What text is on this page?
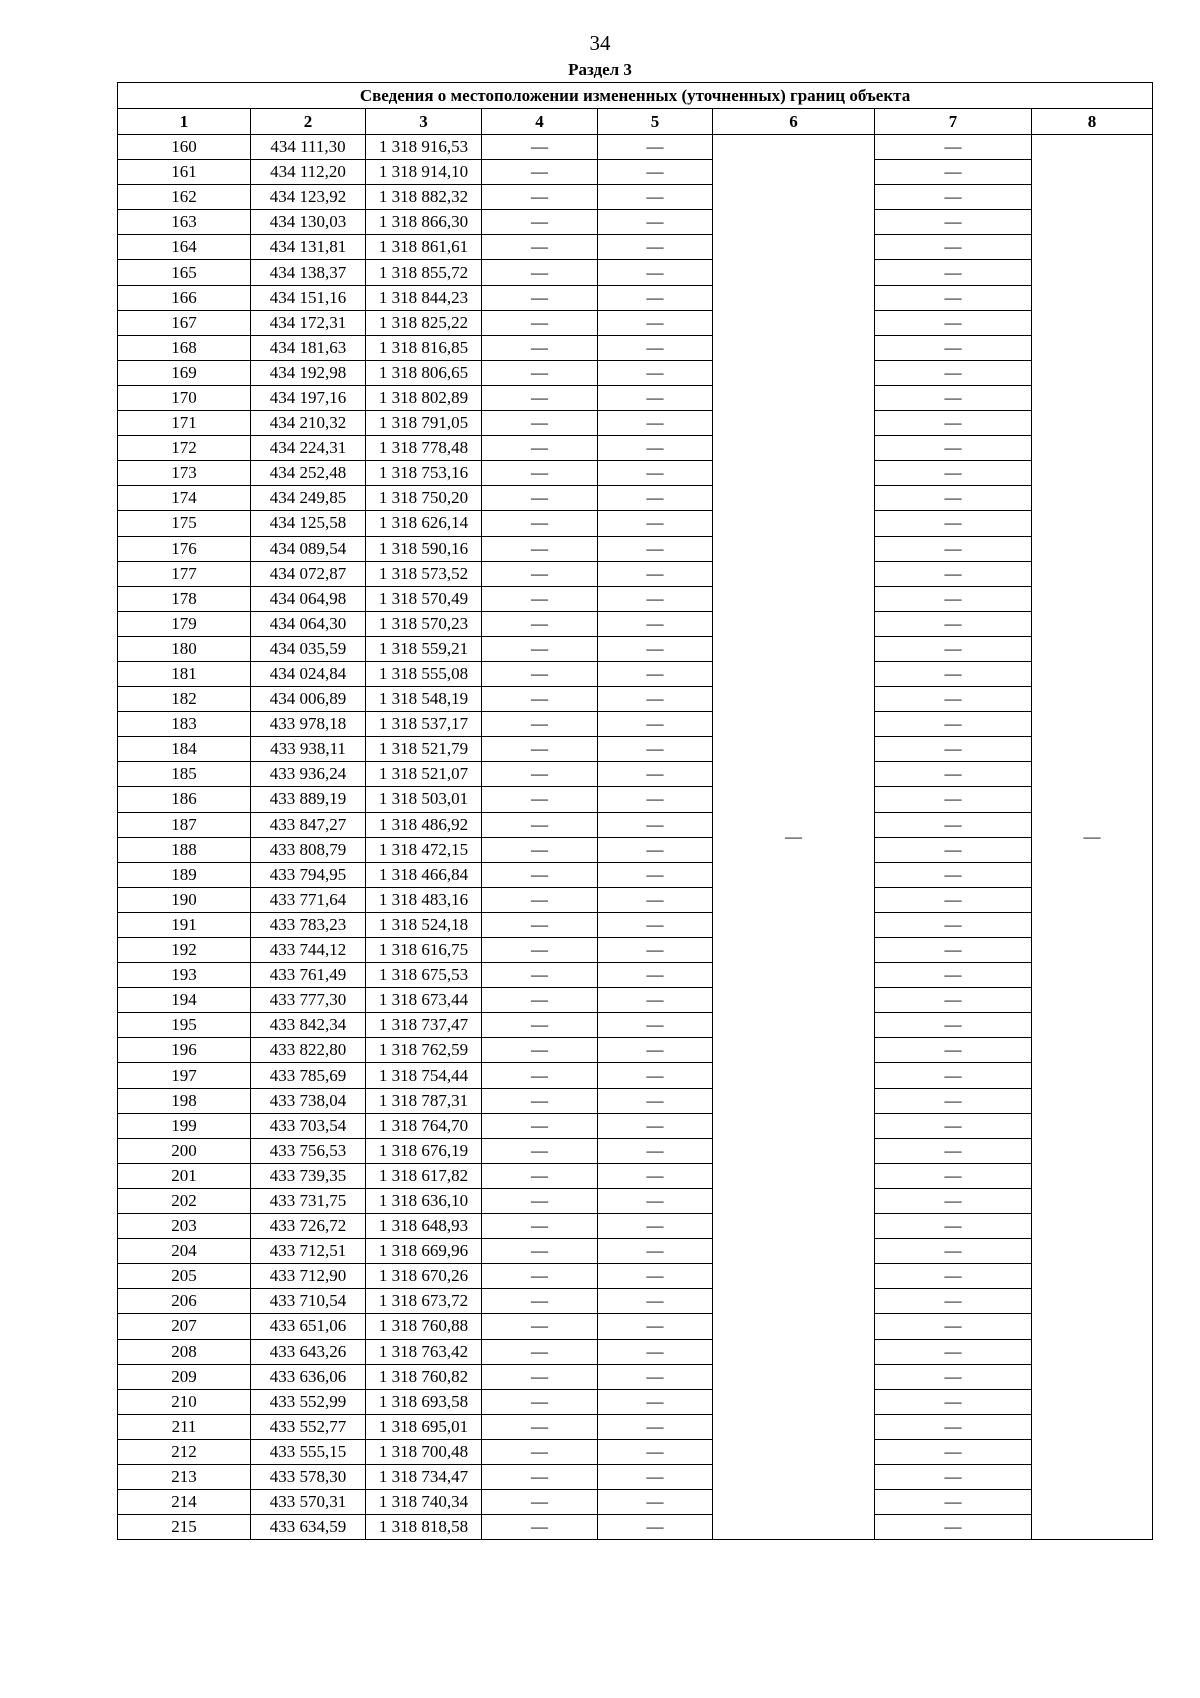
34
Раздел 3
Сведения о местоположении измененных (уточненных) границ объекта							
1	2	3	4	5	6	7	8
160	434 111,30	1 318 916,53	—	—	—	—	—
161	434 112,20	1 318 914,10	—	—		—	
162	434 123,92	1 318 882,32	—	—		—	
163	434 130,03	1 318 866,30	—	—		—	
164	434 131,81	1 318 861,61	—	—		—	
165	434 138,37	1 318 855,72	—	—		—	
166	434 151,16	1 318 844,23	—	—		—	
167	434 172,31	1 318 825,22	—	—		—	
168	434 181,63	1 318 816,85	—	—		—	
169	434 192,98	1 318 806,65	—	—		—	
170	434 197,16	1 318 802,89	—	—		—	
171	434 210,32	1 318 791,05	—	—		—	
172	434 224,31	1 318 778,48	—	—		—	
173	434 252,48	1 318 753,16	—	—		—	
174	434 249,85	1 318 750,20	—	—		—	
175	434 125,58	1 318 626,14	—	—		—	
176	434 089,54	1 318 590,16	—	—		—	
177	434 072,87	1 318 573,52	—	—		—	
178	434 064,98	1 318 570,49	—	—		—	
179	434 064,30	1 318 570,23	—	—		—	
180	434 035,59	1 318 559,21	—	—		—	
181	434 024,84	1 318 555,08	—	—		—	
182	434 006,89	1 318 548,19	—	—		—	
183	433 978,18	1 318 537,17	—	—		—	
184	433 938,11	1 318 521,79	—	—		—	
185	433 936,24	1 318 521,07	—	—		—	
186	433 889,19	1 318 503,01	—	—		—	
187	433 847,27	1 318 486,92	—	—		—	
188	433 808,79	1 318 472,15	—	—		—	
189	433 794,95	1 318 466,84	—	—		—	
190	433 771,64	1 318 483,16	—	—		—	
191	433 783,23	1 318 524,18	—	—		—	
192	433 744,12	1 318 616,75	—	—		—	
193	433 761,49	1 318 675,53	—	—		—	
194	433 777,30	1 318 673,44	—	—		—	
195	433 842,34	1 318 737,47	—	—		—	
196	433 822,80	1 318 762,59	—	—		—	
197	433 785,69	1 318 754,44	—	—		—	
198	433 738,04	1 318 787,31	—	—		—	
199	433 703,54	1 318 764,70	—	—		—	
200	433 756,53	1 318 676,19	—	—		—	
201	433 739,35	1 318 617,82	—	—		—	
202	433 731,75	1 318 636,10	—	—		—	
203	433 726,72	1 318 648,93	—	—		—	
204	433 712,51	1 318 669,96	—	—		—	
205	433 712,90	1 318 670,26	—	—		—	
206	433 710,54	1 318 673,72	—	—		—	
207	433 651,06	1 318 760,88	—	—		—	
208	433 643,26	1 318 763,42	—	—		—	
209	433 636,06	1 318 760,82	—	—		—	
210	433 552,99	1 318 693,58	—	—		—	
211	433 552,77	1 318 695,01	—	—		—	
212	433 555,15	1 318 700,48	—	—		—	
213	433 578,30	1 318 734,47	—	—		—	
214	433 570,31	1 318 740,34	—	—		—	
215	433 634,59	1 318 818,58	—	—		—	
